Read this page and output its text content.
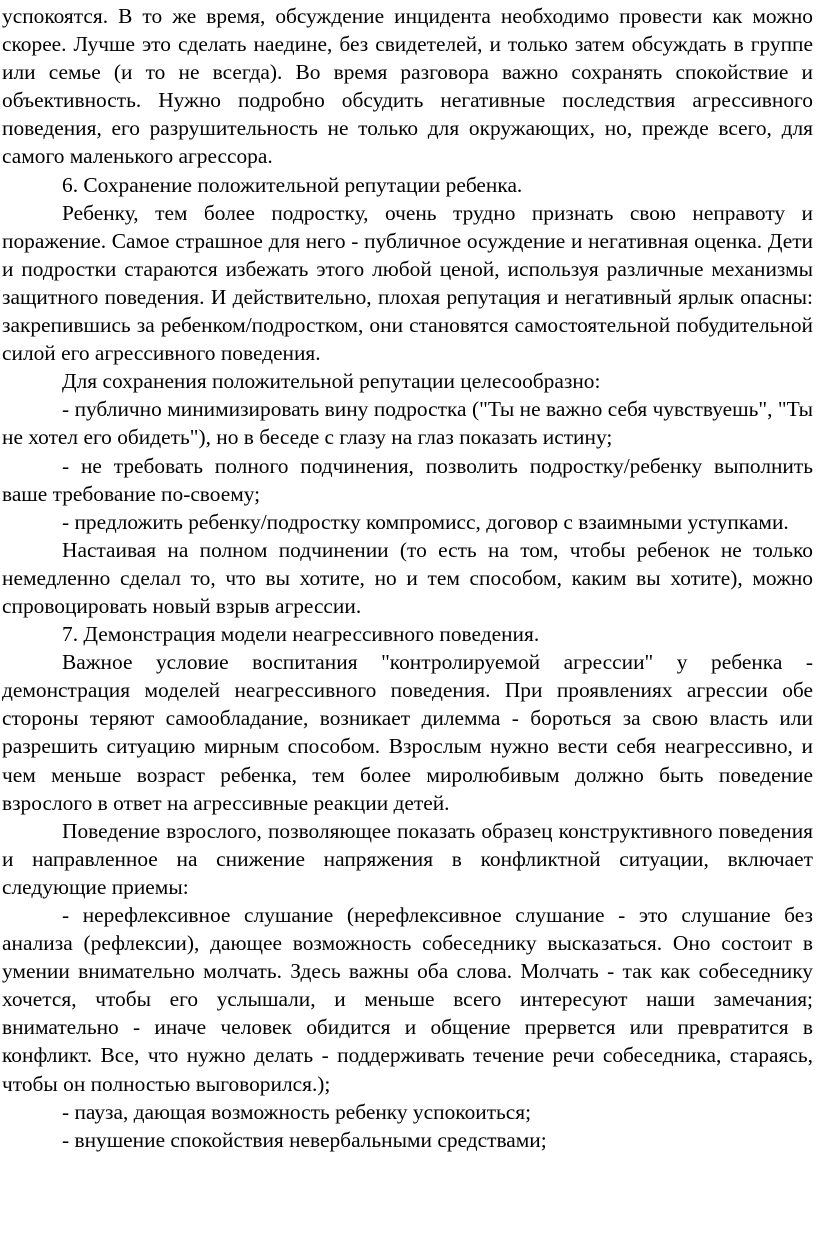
успокоятся. В то же время, обсуждение инцидента необходимо провести как можно скорее. Лучше это сделать наедине, без свидетелей, и только затем обсуждать в группе или семье (и то не всегда). Во время разговора важно сохранять спокойствие и объективность. Нужно подробно обсудить негативные последствия агрессивного поведения, его разрушительность не только для окружающих, но, прежде всего, для самого маленького агрессора.

6. Сохранение положительной репутации ребенка.

Ребенку, тем более подростку, очень трудно признать свою неправоту и поражение. Самое страшное для него - публичное осуждение и негативная оценка. Дети и подростки стараются избежать этого любой ценой, используя различные механизмы защитного поведения. И действительно, плохая репутация и негативный ярлык опасны: закрепившись за ребенком/подростком, они становятся самостоятельной побудительной силой его агрессивного поведения.

Для сохранения положительной репутации целесообразно:

- публично минимизировать вину подростка ("Ты не важно себя чувствуешь", "Ты не хотел его обидеть"), но в беседе с глазу на глаз показать истину;

- не требовать полного подчинения, позволить подростку/ребенку выполнить ваше требование по-своему;

- предложить ребенку/подростку компромисс, договор с взаимными уступками.

Настаивая на полном подчинении (то есть на том, чтобы ребенок не только немедленно сделал то, что вы хотите, но и тем способом, каким вы хотите), можно спровоцировать новый взрыв агрессии.

7. Демонстрация модели неагрессивного поведения.

Важное условие воспитания "контролируемой агрессии" у ребенка - демонстрация моделей неагрессивного поведения. При проявлениях агрессии обе стороны теряют самообладание, возникает дилемма - бороться за свою власть или разрешить ситуацию мирным способом. Взрослым нужно вести себя неагрессивно, и чем меньше возраст ребенка, тем более миролюбивым должно быть поведение взрослого в ответ на агрессивные реакции детей.

Поведение взрослого, позволяющее показать образец конструктивного поведения и направленное на снижение напряжения в конфликтной ситуации, включает следующие приемы:

- нерефлексивное слушание (нерефлексивное слушание - это слушание без анализа (рефлексии), дающее возможность собеседнику высказаться. Оно состоит в умении внимательно молчать. Здесь важны оба слова. Молчать - так как собеседнику хочется, чтобы его услышали, и меньше всего интересуют наши замечания; внимательно - иначе человек обидится и общение прервется или превратится в конфликт. Все, что нужно делать - поддерживать течение речи собеседника, стараясь, чтобы он полностью выговорился.);

- пауза, дающая возможность ребенку успокоиться;

- внушение спокойствия невербальными средствами;
